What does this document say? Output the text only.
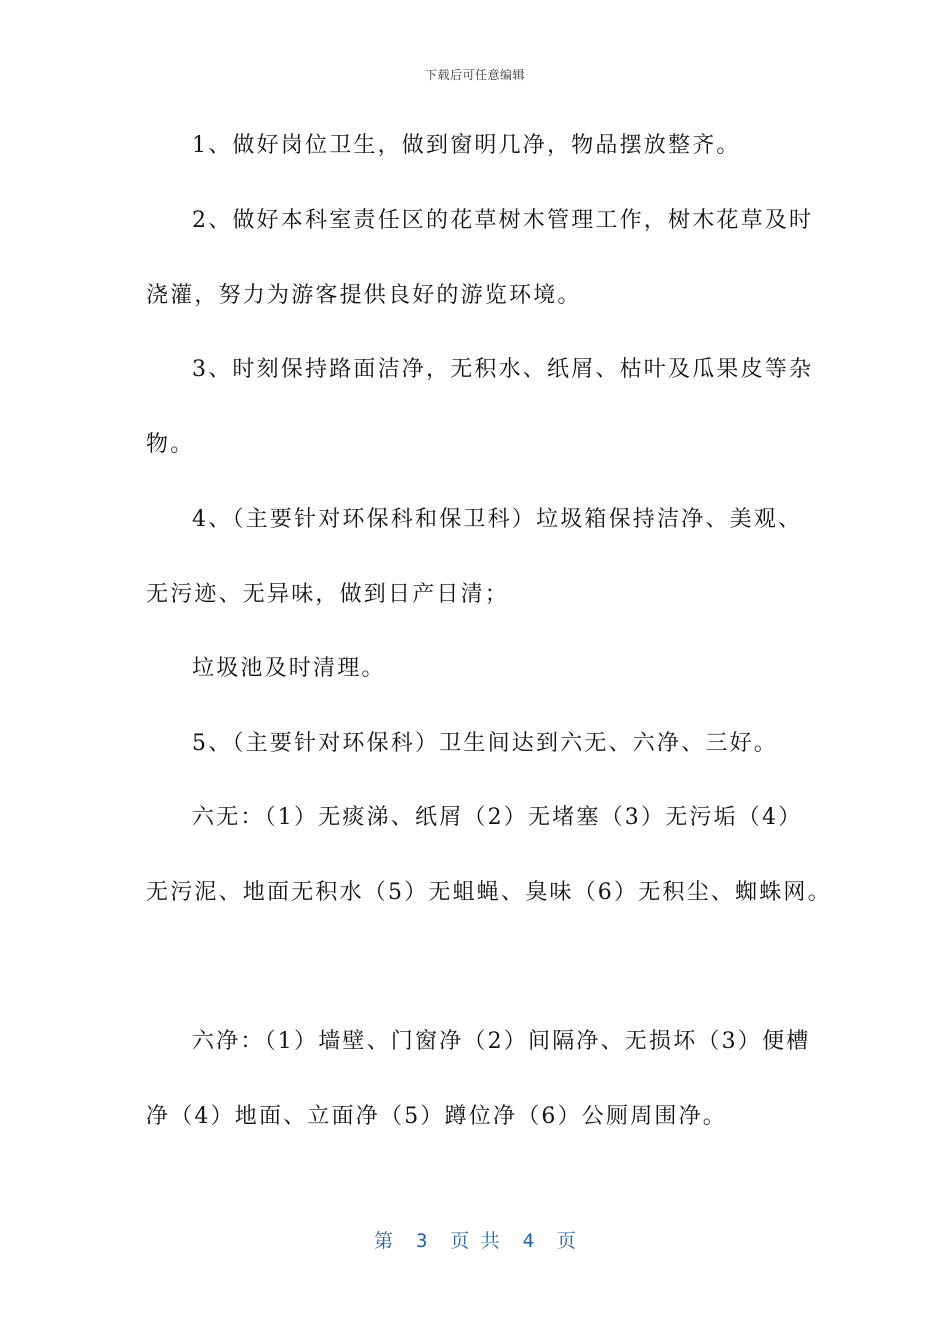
下载后可任意编辑
1、做好岗位卫生，做到窗明几净，物品摆放整齐。
2、做好本科室责任区的花草树木管理工作，树木花草及时
浇灌，努力为游客提供良好的游览环境。
3、时刻保持路面洁净，无积水、纸屑、枯叶及瓜果皮等杂
物。
4、（主要针对环保科和保卫科）垃圾箱保持洁净、美观、
无污迹、无异味，做到日产日清；
垃圾池及时清理。
5、（主要针对环保科）卫生间达到六无、六净、三好。
六无：（1）无痰涕、纸屑（2）无堵塞（3）无污垢（4）
无污泥、地面无积水（5）无蛆蝇、臭味（6）无积尘、蜘蛛网。
六净：（1）墙壁、门窗净（2）间隔净、无损坏（3）便槽
净（4）地面、立面净（5）蹲位净（6）公厕周围净。
第  3  页 共  4  页
